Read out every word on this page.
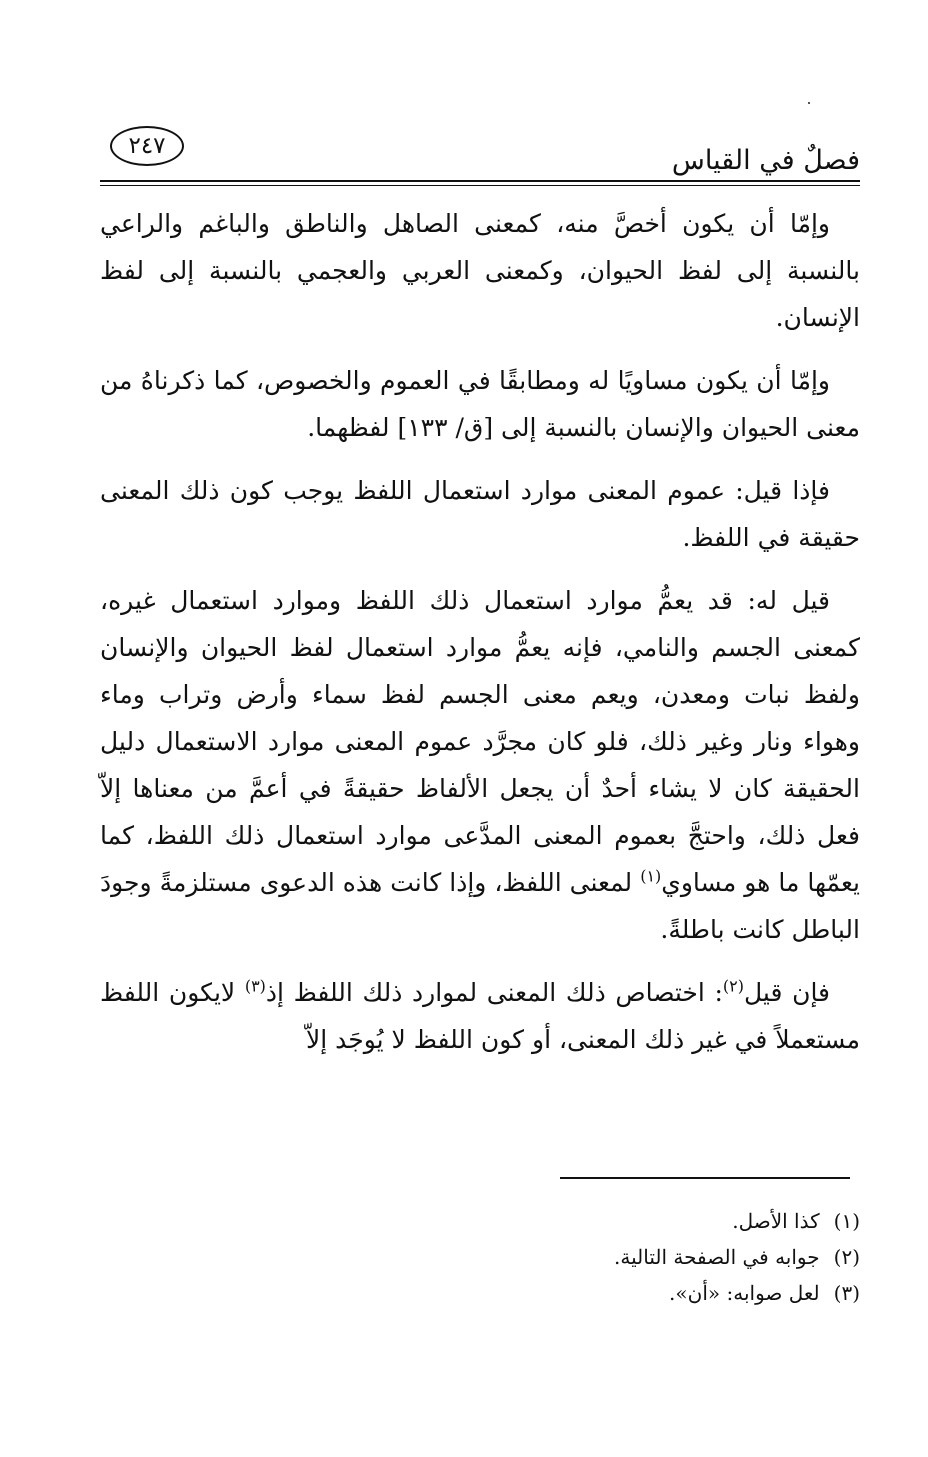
فصلٌ في القياس
٢٤٧

وإمّا أن يكون أخصَّ منه، كمعنى الصاهل والناطق والباغم والراعي بالنسبة إلى لفظ الحيوان، وكمعنى العربي والعجمي بالنسبة إلى لفظ الإنسان.

وإمّا أن يكون مساويًا له ومطابقًا في العموم والخصوص، كما ذكرناهُ من معنى الحيوان والإنسان بالنسبة إلى [ق/ ١٣٣] لفظهما.

فإذا قيل: عموم المعنى موارد استعمال اللفظ يوجب كون ذلك المعنى حقيقة في اللفظ.

قيل له: قد يعمُّ موارد استعمال ذلك اللفظ وموارد استعمال غيره، كمعنى الجسم والنامي، فإنه يعمُّ موارد استعمال لفظ الحيوان والإنسان ولفظ نبات ومعدن، ويعم معنى الجسم لفظ سماء وأرض وتراب وماء وهواء ونار وغير ذلك، فلو كان مجرَّد عموم المعنى موارد الاستعمال دليل الحقيقة كان لا يشاء أحدٌ أن يجعل الألفاظ حقيقةً في أعمَّ من معناها إلاّ فعل ذلك، واحتجَّ بعموم المعنى المدَّعى موارد استعمال ذلك اللفظ، كما يعمّها ما هو مساوي$^{(١)}$ لمعنى اللفظ، وإذا كانت هذه الدعوى مستلزمةً وجودَ الباطل كانت باطلةً.

فإن قيل$^{(٢)}$: اختصاص ذلك المعنى لموارد ذلك اللفظ إذ$^{(٣)}$ لايكون اللفظ مستعملاً في غير ذلك المعنى، أو كون اللفظ لا يُوجَد إلاّ

(١)كذا الأصل.
(٢)جوابه في الصفحة التالية.
(٣)لعل صوابه: «أن».
